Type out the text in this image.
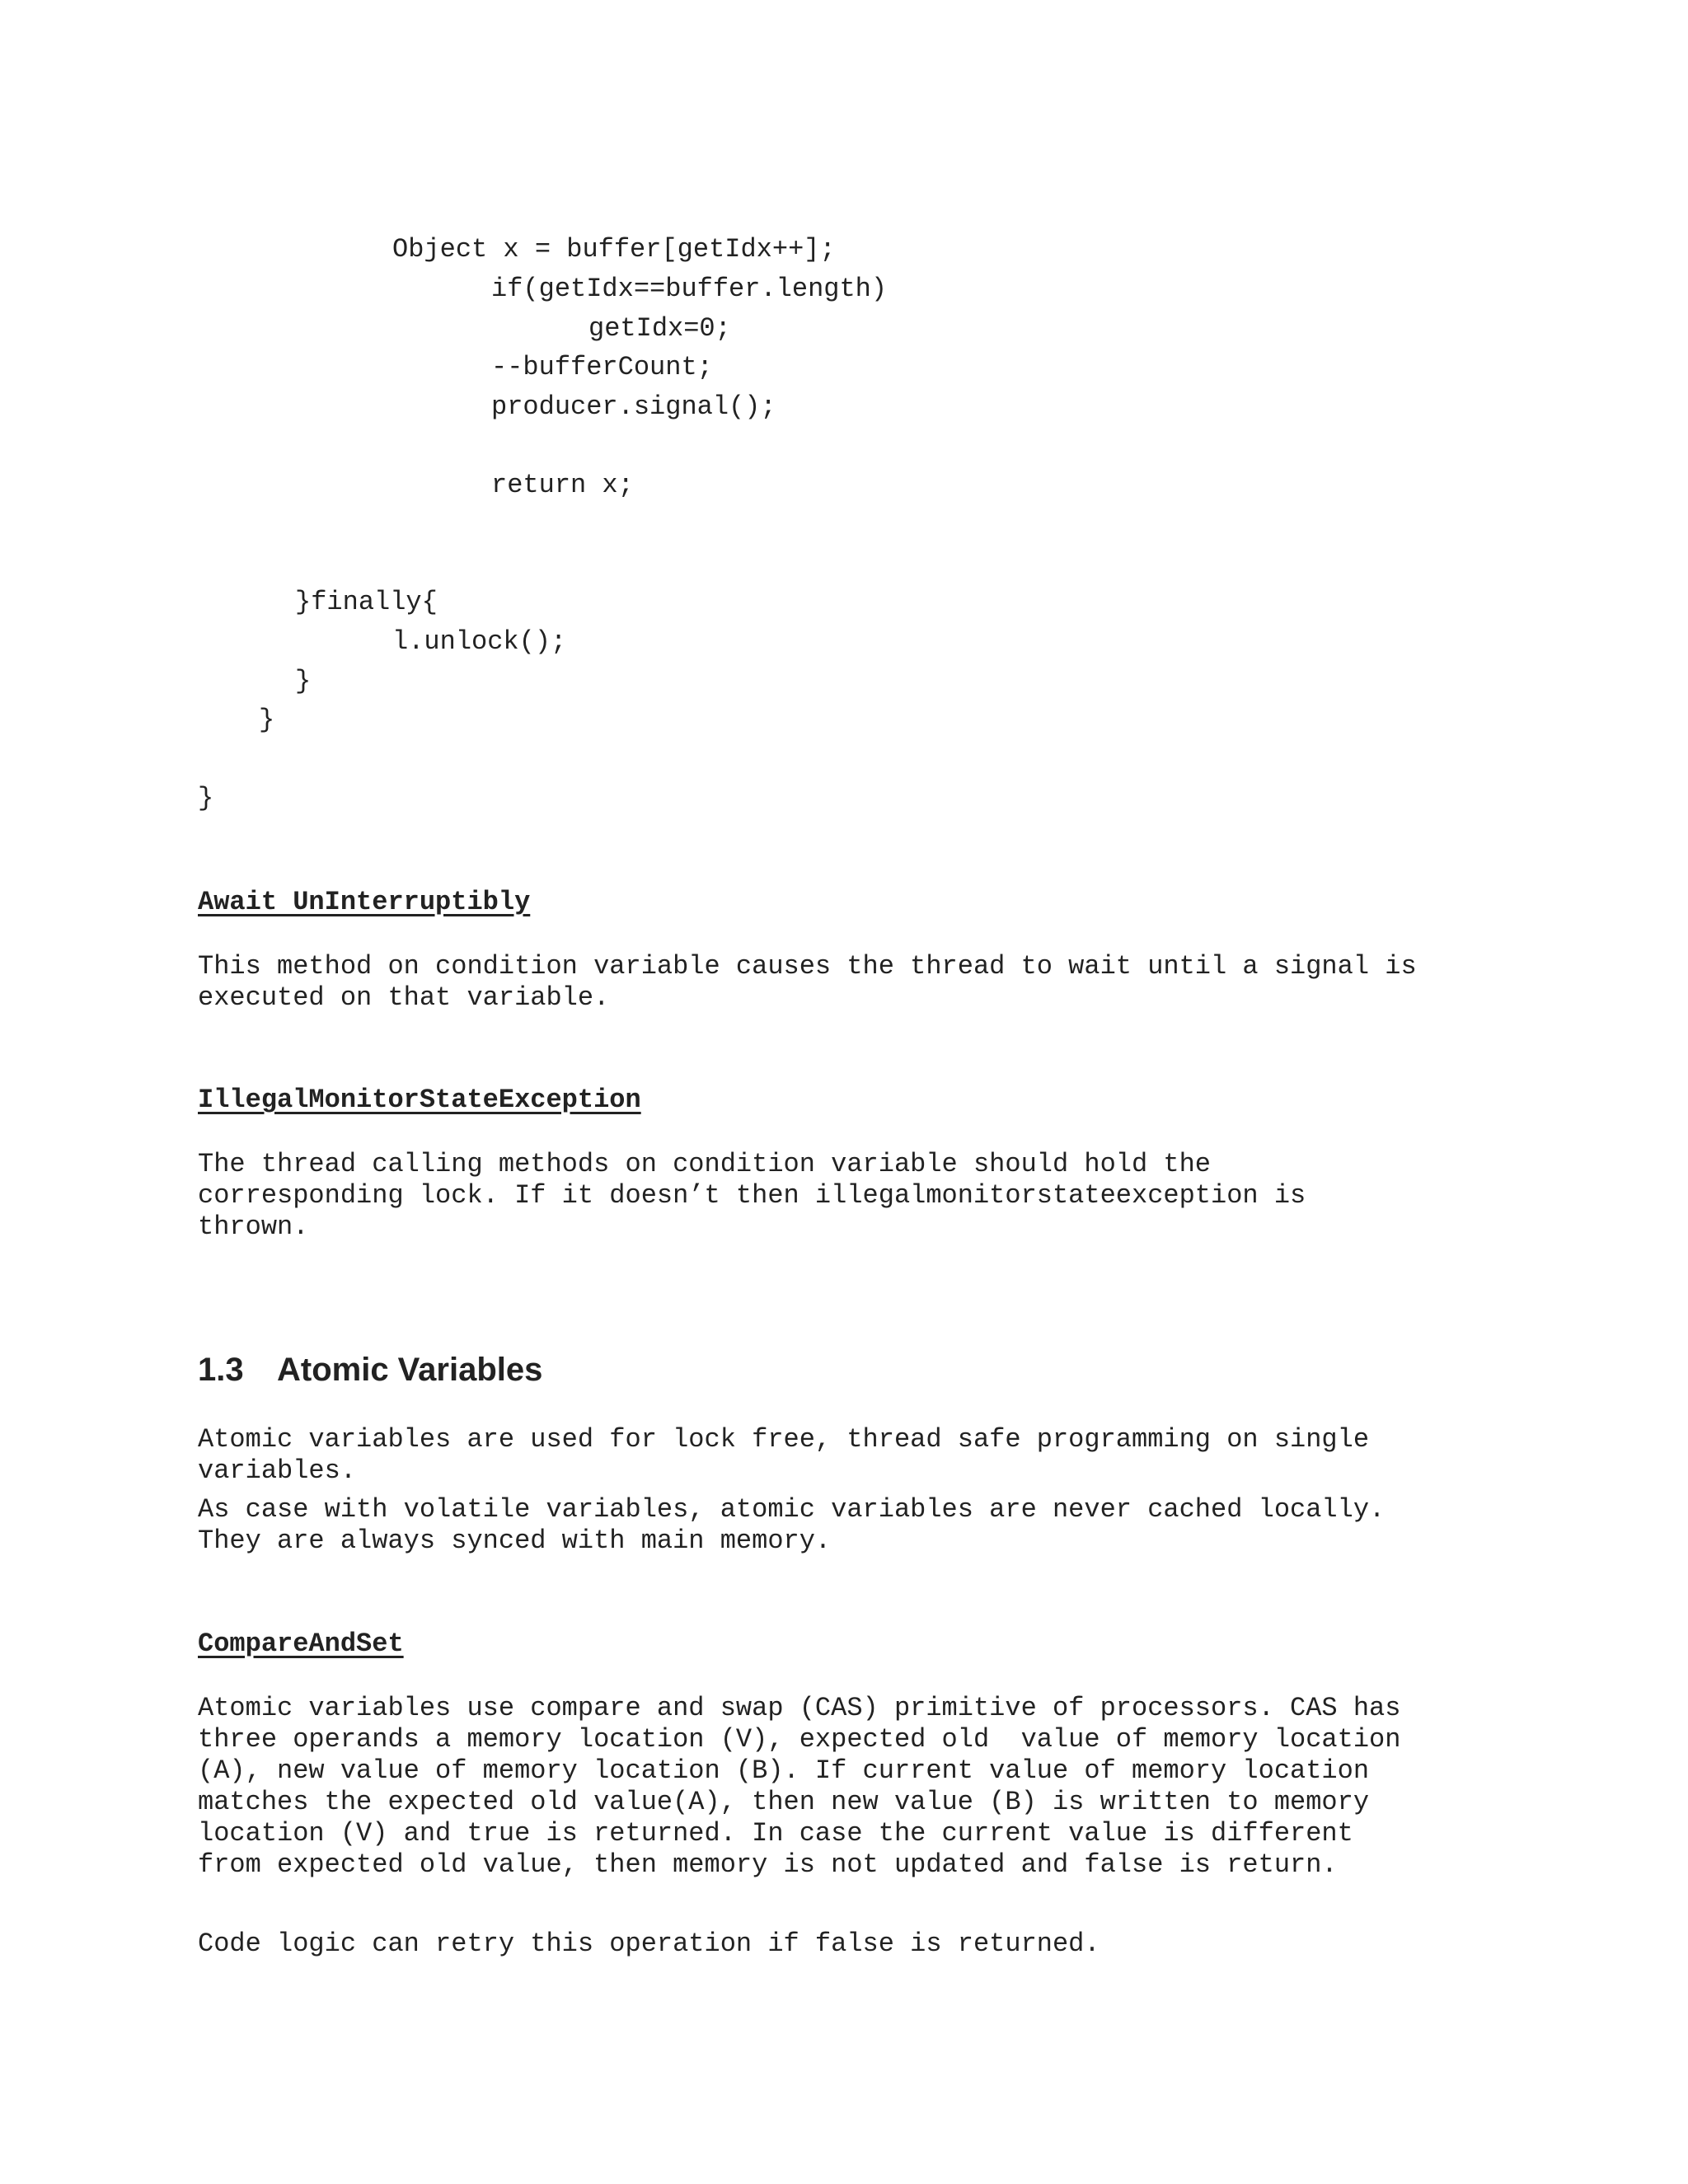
Object x = buffer[getIdx++];
if(getIdx==buffer.length)
getIdx=0;
--bufferCount;
producer.signal();
return x;
}finally{
l.unlock();
}
}
}
Await UnInterruptibly
This method on condition variable causes the thread to wait until a signal is
executed on that variable.
IllegalMonitorStateException
The thread calling methods on condition variable should hold the
corresponding lock. If it doesn’t then illegalmonitorstateexception is
thrown.
1.3 Atomic Variables
Atomic variables are used for lock free, thread safe programming on single
variables.
As case with volatile variables, atomic variables are never cached locally.
They are always synced with main memory.
CompareAndSet
Atomic variables use compare and swap (CAS) primitive of processors. CAS has
three operands a memory location (V), expected old  value of memory location
(A), new value of memory location (B). If current value of memory location
matches the expected old value(A), then new value (B) is written to memory
location (V) and true is returned. In case the current value is different
from expected old value, then memory is not updated and false is return.
Code logic can retry this operation if false is returned.
